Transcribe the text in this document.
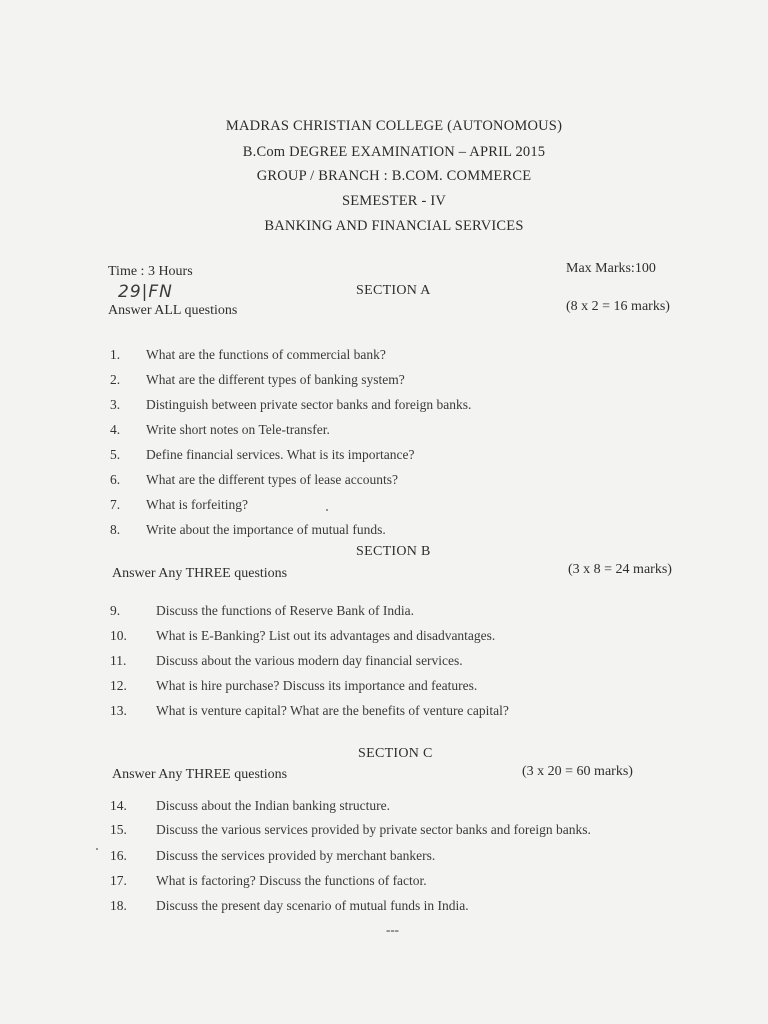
MADRAS CHRISTIAN COLLEGE (AUTONOMOUS)
B.Com DEGREE EXAMINATION – APRIL 2015
GROUP / BRANCH : B.COM. COMMERCE
SEMESTER - IV
BANKING AND FINANCIAL SERVICES
Time : 3 Hours	Max Marks:100
29|FN	SECTION A
Answer ALL questions	(8 x 2 = 16 marks)
1. What are the functions of commercial bank?
2. What are the different types of banking system?
3. Distinguish between private sector banks and foreign banks.
4. Write short notes on Tele-transfer.
5. Define financial services. What is its importance?
6. What are the different types of lease accounts?
7. What is forfeiting?
8. Write about the importance of mutual funds.
SECTION B
Answer Any THREE questions	(3 x 8 = 24 marks)
9.	Discuss the functions of Reserve Bank of India.
10. What is E-Banking? List out its advantages and disadvantages.
11. Discuss about the various modern day financial services.
12. What is hire purchase? Discuss its importance and features.
13. What is venture capital? What are the benefits of venture capital?
SECTION C
Answer Any THREE questions	(3 x 20 = 60 marks)
14. Discuss about the Indian banking structure.
15. Discuss the various services provided by private sector banks and foreign banks.
16. Discuss the services provided by merchant bankers.
17. What is factoring? Discuss the functions of factor.
18. Discuss the present day scenario of mutual funds in India.
---
